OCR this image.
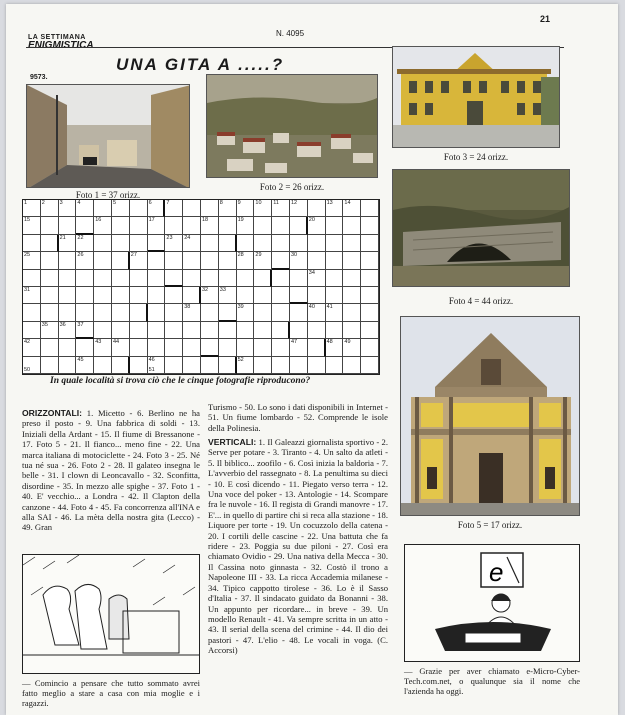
LA SETTIMANA
ENIGMISTICA
N. 4095
21
9573.
UNA GITA A .....?
Foto 1 = 37 orizz.
Foto 2 = 26 orizz.
Foto 3 = 24 orizz.
Foto 4 = 44 orizz.
Foto 5 = 17 orizz.
1	2	3	4	5	6	7	8	9	10 11 12	13 14
15	16	17	18	19	20
21 22	23 24
25	26	27	28 29	30
34
31	32 33
38	39	40 41
35 36 37
42	43 44	47	48 49
50
45	46
51
52
In quale località si trova ciò che le cinque fotografie riproducono?
ORIZZONTALI: 1. Micetto - 6. Berlino ne ha preso il posto - 9. Una fabbrica di soldi - 13. Iniziali della Ardant - 15. Il fiume di Bressanone - 17. Foto 5 - 21. Il fianco... meno fine - 22. Una marca italiana di motociclette - 24. Foto 3 - 25. Né tua né sua - 26. Foto 2 - 28. Il galateo insegna le belle - 31. I clown di Leoncavallo - 32. Sconfitta, disordine - 35. In mezzo alle spighe - 37. Foto 1 - 40. E' vecchio... a Londra - 42. Il Clapton della canzone - 44. Foto 4 - 45. Fa concorrenza all'INA e alla SAI - 46. La mèta della nostra gita (Lecco) - 49. Gran
Turismo - 50. Lo sono i dati disponibili in Internet - 51. Un fiume lombardo - 52. Comprende le isole della Polinesia.
VERTICALI: 1. Il Galeazzi giornalista sportivo - 2. Serve per potare - 3. Tiranto - 4. Un salto da atleti - 5. Il biblico... zoofilo - 6. Così inizia la baldoria - 7. L'avverbio del rassegnato - 8. La penultima su dieci - 10. E così dicendo - 11. Piegato verso terra - 12. Una voce del poker - 13. Antologie - 14. Scompare fra le nuvole - 16. Il regista di Grandi manovre - 17. E'... in quello di partire chi si reca alla stazione - 18. Liquore per torte - 19. Un cocuzzolo della catena - 20. I cortili delle cascine - 22. Una battuta che fa ridere - 23. Poggia su due piloni - 27. Così era chiamato Ovidio - 29. Una nativa della Mecca - 30. Il Cassina noto ginnasta - 32. Costò il trono a Napoleone III - 33. La ricca Accademia milanese - 34. Tipico cappotto tirolese - 36. Lo è il Sasso d'Italia - 37. Il sindacato guidato da Bonanni - 38. Un appunto per ricordare... in breve - 39. Un modello Renault - 41. Va sempre scritta in un atto - 43. Il serial della scena del crimine - 44. Il dio dei pastori - 47. L'elio - 48. Le vocali in voga. (C. Accorsi)
— Comincio a pensare che tutto sommato avrei fatto meglio a stare a casa con mia moglie e i ragazzi.
e
— Grazie per aver chiamato e-Micro-Cyber-Tech.com.net, o qualunque sia il nome che l'azienda ha oggi.
